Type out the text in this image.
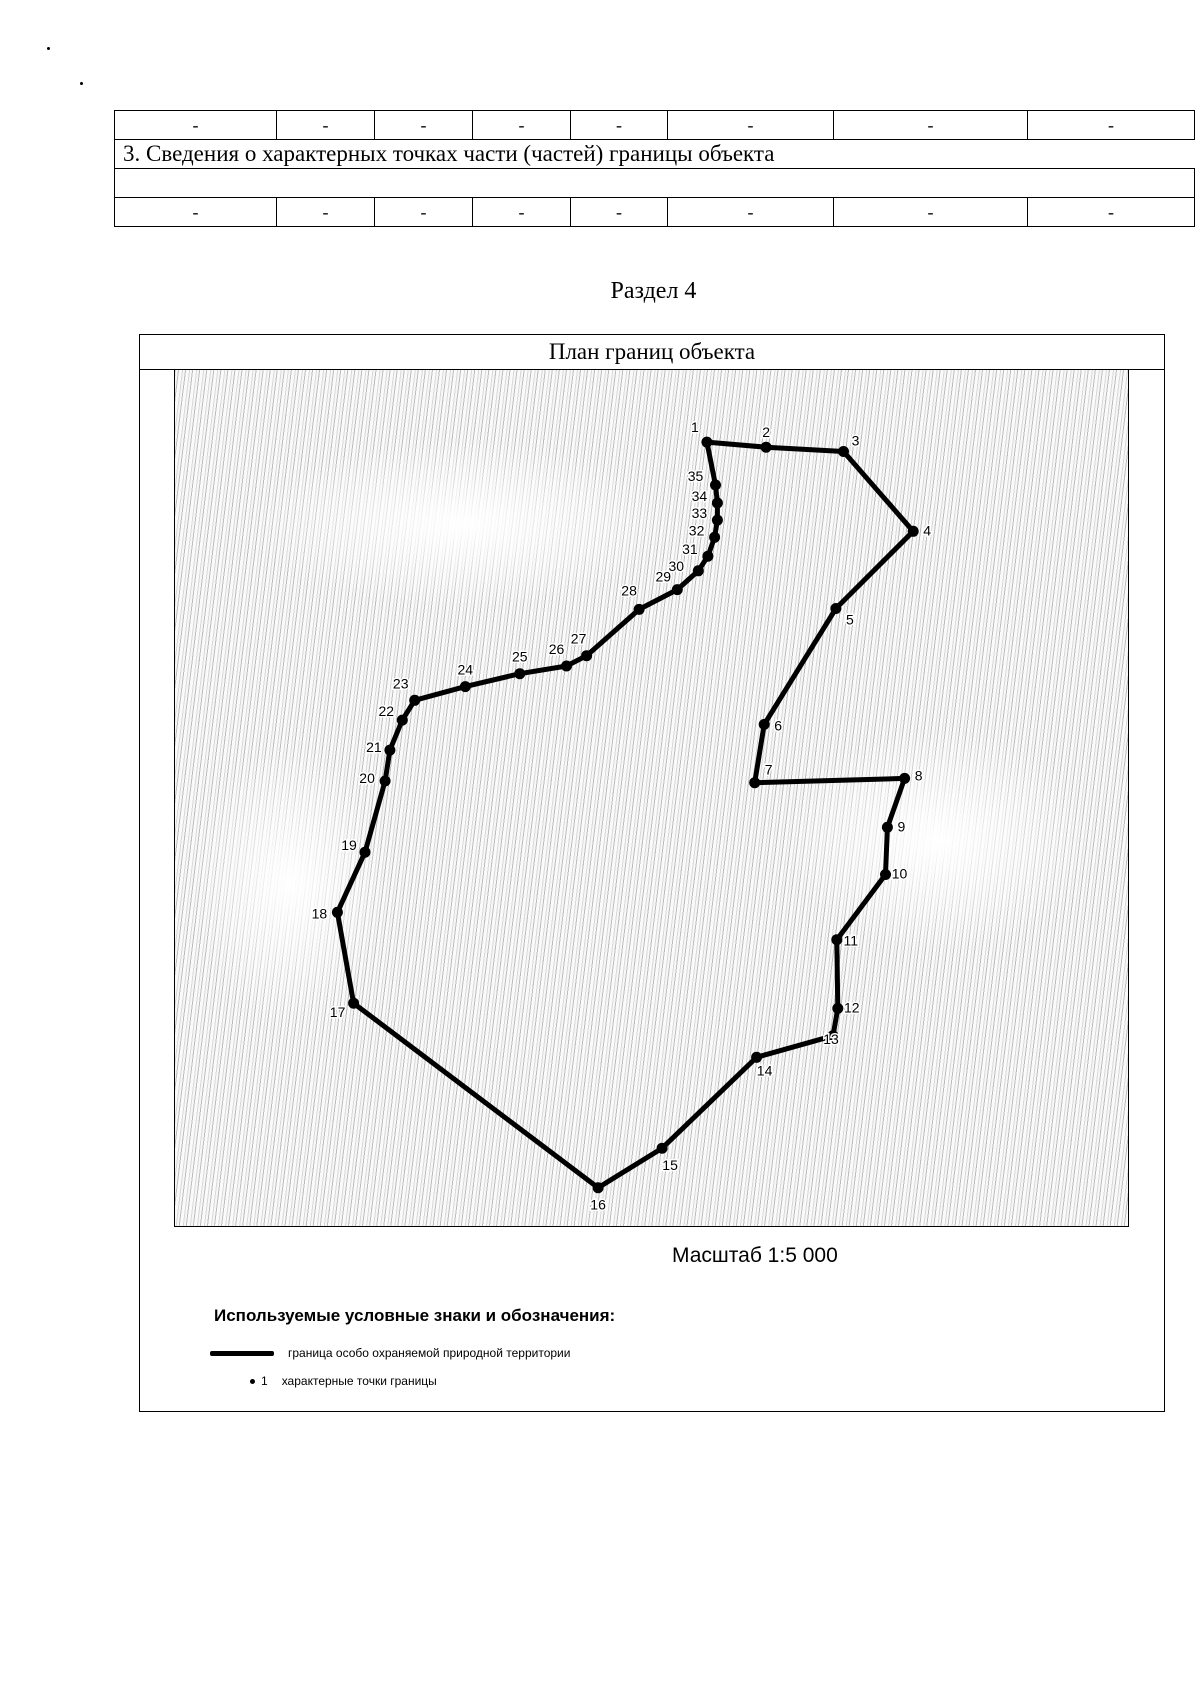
-	-	-	-	-	-	-	-
3. Сведения о характерных точках части (частей) границы объекта							

-	-	-	-	-	-	-	-
Раздел 4
План границ объекта
1	2
3
4
5
6
7	8
9
10
11
12
13
14
15
16
17
18
19
20
21
22
23
24
25 26
27
28
29
30
31
32
33
34
35
Масштаб 1:5 000
Используемые условные знаки и обозначения:
граница особо охраняемой природной территории
1 характерные точки границы
